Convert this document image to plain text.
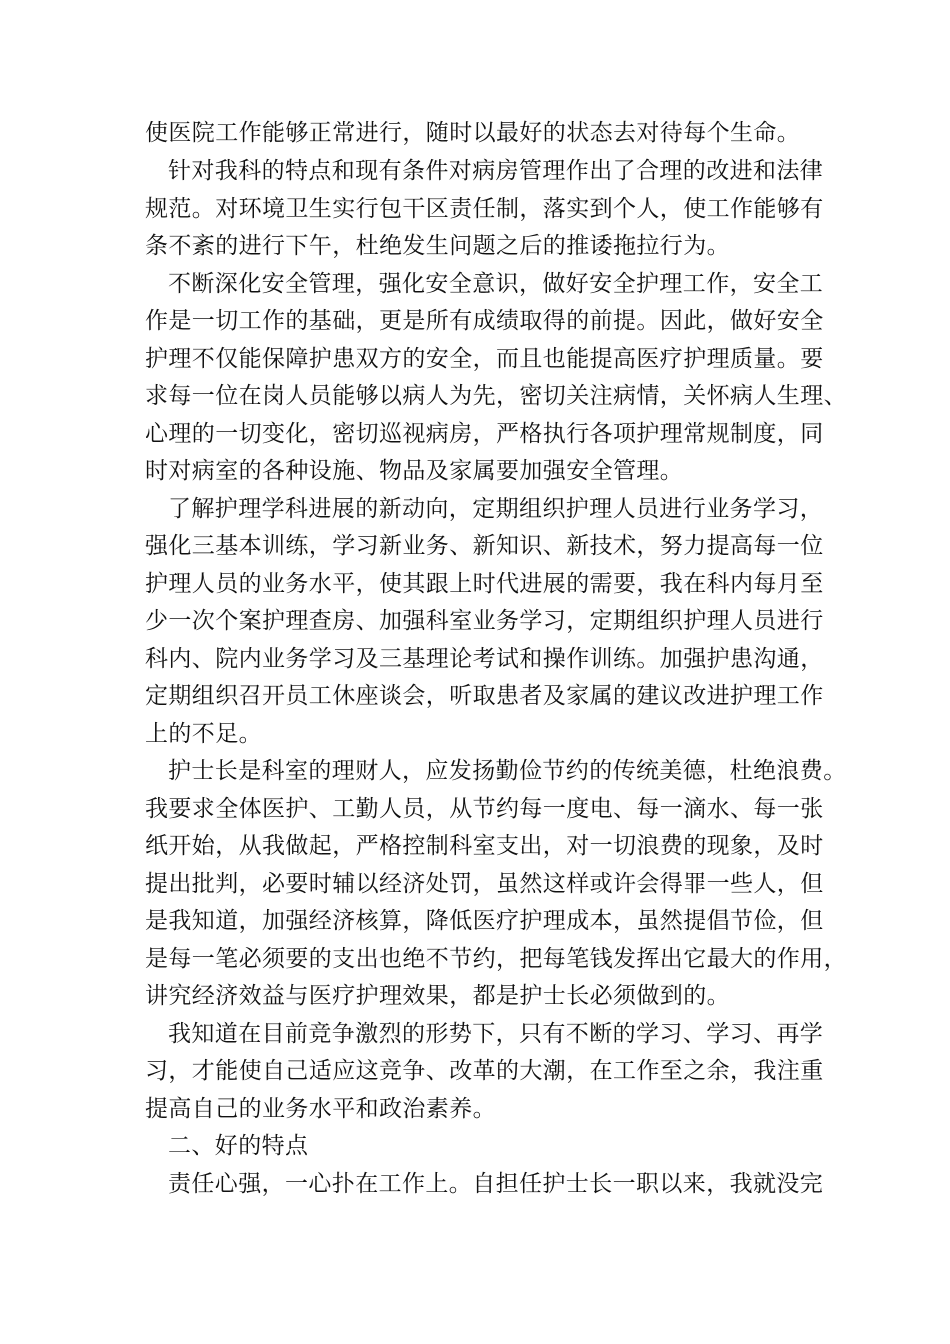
使医院工作能够正常进行，随时以最好的状态去对待每个生命。
针对我科的特点和现有条件对病房管理作出了合理的改进和法律
规范。对环境卫生实行包干区责任制，落实到个人，使工作能够有
条不紊的进行下午，杜绝发生问题之后的推诿拖拉行为。
不断深化安全管理，强化安全意识，做好安全护理工作，安全工
作是一切工作的基础，更是所有成绩取得的前提。因此，做好安全
护理不仅能保障护患双方的安全，而且也能提高医疗护理质量。要
求每一位在岗人员能够以病人为先，密切关注病情，关怀病人生理、
心理的一切变化，密切巡视病房，严格执行各项护理常规制度，同
时对病室的各种设施、物品及家属要加强安全管理。
了解护理学科进展的新动向，定期组织护理人员进行业务学习，
强化三基本训练，学习新业务、新知识、新技术，努力提高每一位
护理人员的业务水平，使其跟上时代进展的需要，我在科内每月至
少一次个案护理查房、加强科室业务学习，定期组织护理人员进行
科内、院内业务学习及三基理论考试和操作训练。加强护患沟通，
定期组织召开员工休座谈会，听取患者及家属的建议改进护理工作
上的不足。
护士长是科室的理财人，应发扬勤俭节约的传统美德，杜绝浪费。
我要求全体医护、工勤人员，从节约每一度电、每一滴水、每一张
纸开始，从我做起，严格控制科室支出，对一切浪费的现象，及时
提出批判，必要时辅以经济处罚，虽然这样或许会得罪一些人，但
是我知道，加强经济核算，降低医疗护理成本，虽然提倡节俭，但
是每一笔必须要的支出也绝不节约，把每笔钱发挥出它最大的作用，
讲究经济效益与医疗护理效果，都是护士长必须做到的。
我知道在目前竞争激烈的形势下，只有不断的学习、学习、再学
习，才能使自己适应这竞争、改革的大潮，在工作至之余，我注重
提高自己的业务水平和政治素养。
二、好的特点
责任心强，一心扑在工作上。自担任护士长一职以来，我就没完
